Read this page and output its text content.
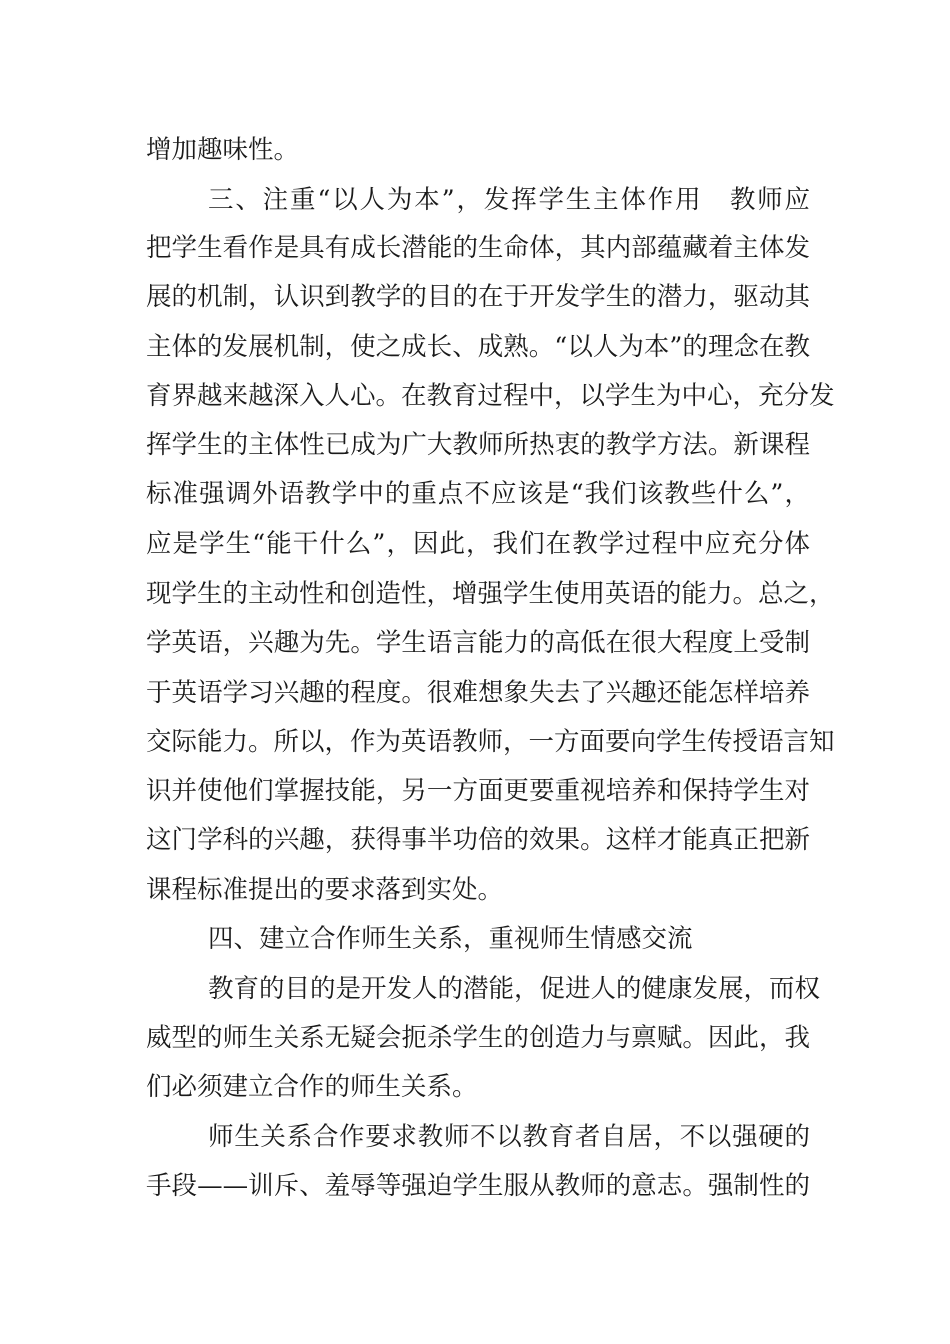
增加趣味性。
三、注重“以人为本”，发挥学生主体作用　教师应
把学生看作是具有成长潜能的生命体，其内部蕴藏着主体发
展的机制，认识到教学的目的在于开发学生的潜力，驱动其
主体的发展机制，使之成长、成熟。“以人为本”的理念在教
育界越来越深入人心。在教育过程中，以学生为中心，充分发
挥学生的主体性已成为广大教师所热衷的教学方法。新课程
标准强调外语教学中的重点不应该是“我们该教些什么”，
应是学生“能干什么”，因此，我们在教学过程中应充分体
现学生的主动性和创造性，增强学生使用英语的能力。总之，
学英语，兴趣为先。学生语言能力的高低在很大程度上受制
于英语学习兴趣的程度。很难想象失去了兴趣还能怎样培养
交际能力。所以，作为英语教师，一方面要向学生传授语言知
识并使他们掌握技能，另一方面更要重视培养和保持学生对
这门学科的兴趣，获得事半功倍的效果。这样才能真正把新
课程标准提出的要求落到实处。
四、建立合作师生关系，重视师生情感交流
教育的目的是开发人的潜能，促进人的健康发展，而权
威型的师生关系无疑会扼杀学生的创造力与禀赋。因此，我
们必须建立合作的师生关系。
师生关系合作要求教师不以教育者自居，不以强硬的
手段——训斥、羞辱等强迫学生服从教师的意志。强制性的
